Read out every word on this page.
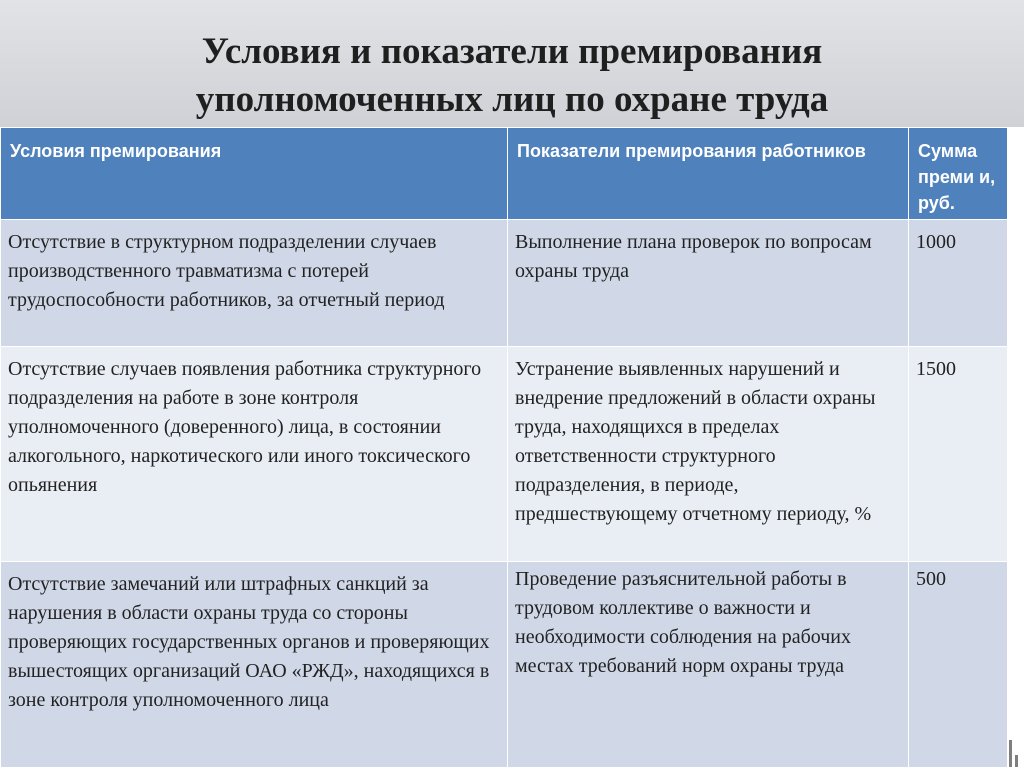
Условия и показатели премирования
уполномоченных лиц по охране труда
Условия премирования	Показатели премирования работников	Сумма преми и, руб.
Отсутствие в структурном подразделении случаев производственного травматизма с потерей трудоспособности работников, за отчетный период	Выполнение плана проверок по вопросам охраны труда	1000
Отсутствие случаев появления работника структурного подразделения на работе в зоне контроля уполномоченного (доверенного) лица, в состоянии алкогольного, наркотического или иного токсического опьянения	Устранение выявленных нарушений и внедрение предложений в области охраны труда, находящихся в пределах ответственности структурного подразделения, в периоде, предшествующему отчетному периоду, %	1500
Отсутствие замечаний или штрафных санкций за нарушения в области охраны труда со стороны проверяющих государственных органов и проверяющих вышестоящих организаций ОАО «РЖД», находящихся в зоне контроля уполномоченного лица	Проведение разъяснительной работы в трудовом коллективе о важности и необходимости соблюдения на рабочих местах требований норм охраны труда	500
